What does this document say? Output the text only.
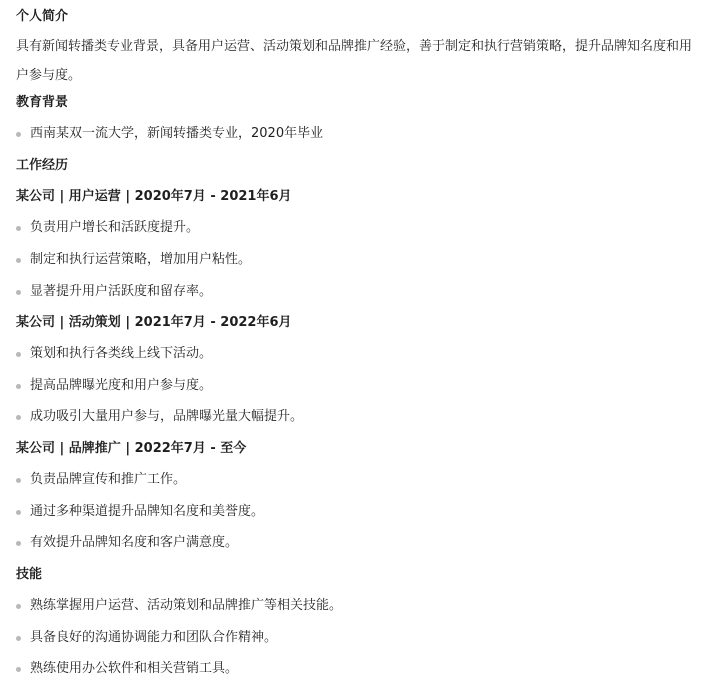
个人简介
具有新闻转播类专业背景，具备用户运营、活动策划和品牌推广经验，善于制定和执行营销策略，提升品牌知名度和用户参与度。
教育背景
西南某双一流大学，新闻转播类专业，2020年毕业
工作经历
某公司 | 用户运营 | 2020年7月 - 2021年6月
负责用户增长和活跃度提升。
制定和执行运营策略，增加用户粘性。
显著提升用户活跃度和留存率。
某公司 | 活动策划 | 2021年7月 - 2022年6月
策划和执行各类线上线下活动。
提高品牌曝光度和用户参与度。
成功吸引大量用户参与，品牌曝光量大幅提升。
某公司 | 品牌推广 | 2022年7月 - 至今
负责品牌宣传和推广工作。
通过多种渠道提升品牌知名度和美誉度。
有效提升品牌知名度和客户满意度。
技能
熟练掌握用户运营、活动策划和品牌推广等相关技能。
具备良好的沟通协调能力和团队合作精神。
熟练使用办公软件和相关营销工具。
